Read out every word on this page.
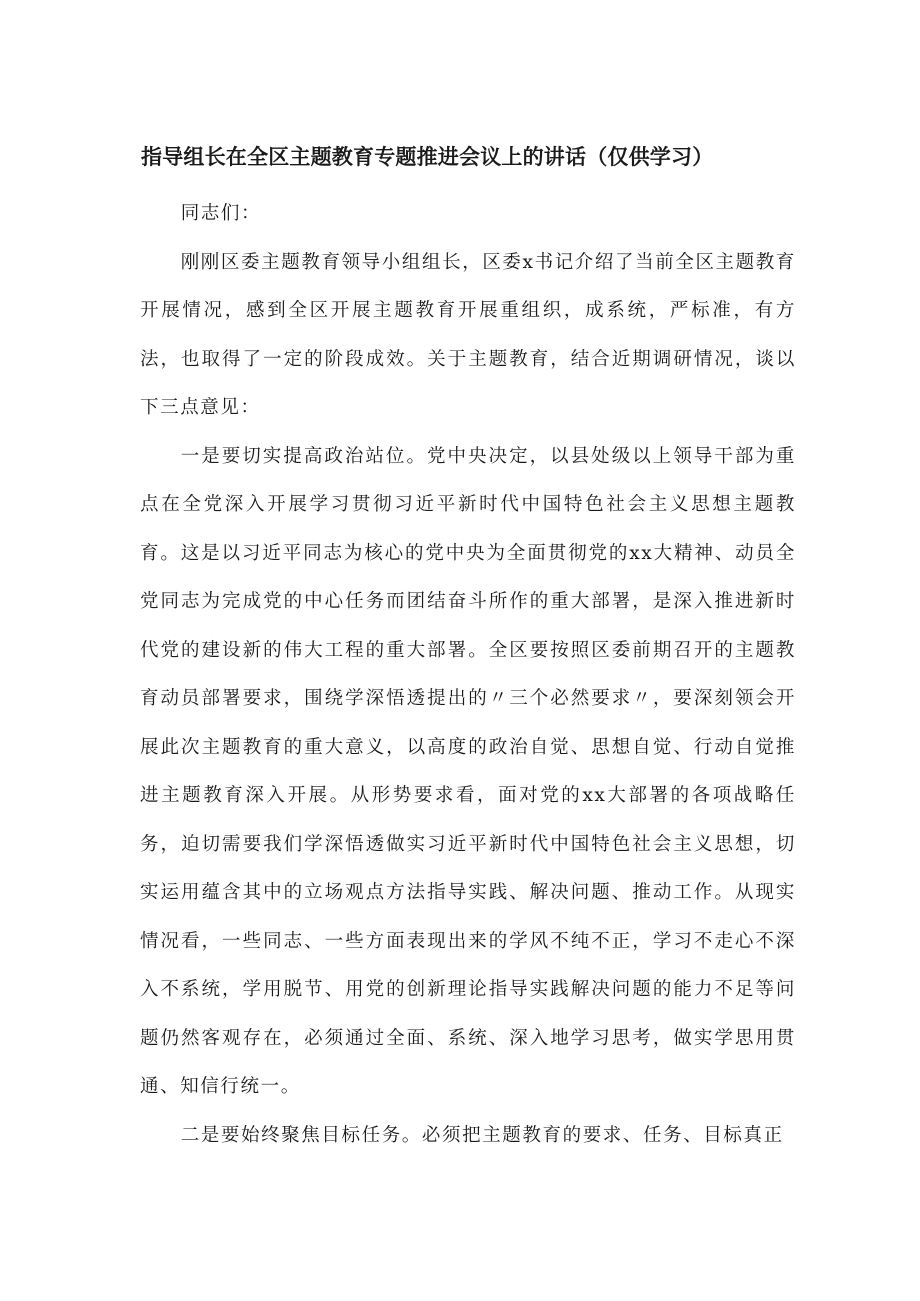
指导组长在全区主题教育专题推进会议上的讲话（仅供学习）

同志们：

刚刚区委主题教育领导小组组长，区委x书记介绍了当前全区主题教育开展情况，感到全区开展主题教育开展重组织，成系统，严标准，有方法，也取得了一定的阶段成效。关于主题教育，结合近期调研情况，谈以下三点意见：

一是要切实提高政治站位。党中央决定，以县处级以上领导干部为重点在全党深入开展学习贯彻习近平新时代中国特色社会主义思想主题教育。这是以习近平同志为核心的党中央为全面贯彻党的xx大精神、动员全党同志为完成党的中心任务而团结奋斗所作的重大部署，是深入推进新时代党的建设新的伟大工程的重大部署。全区要按照区委前期召开的主题教育动员部署要求，围绕学深悟透提出的〃三个必然要求〃，要深刻领会开展此次主题教育的重大意义，以高度的政治自觉、思想自觉、行动自觉推进主题教育深入开展。从形势要求看，面对党的xx大部署的各项战略任务，迫切需要我们学深悟透做实习近平新时代中国特色社会主义思想，切实运用蕴含其中的立场观点方法指导实践、解决问题、推动工作。从现实情况看，一些同志、一些方面表现出来的学风不纯不正，学习不走心不深入不系统，学用脱节、用党的创新理论指导实践解决问题的能力不足等问题仍然客观存在，必须通过全面、系统、深入地学习思考，做实学思用贯通、知信行统一。

二是要始终聚焦目标任务。必须把主题教育的要求、任务、目标真正
